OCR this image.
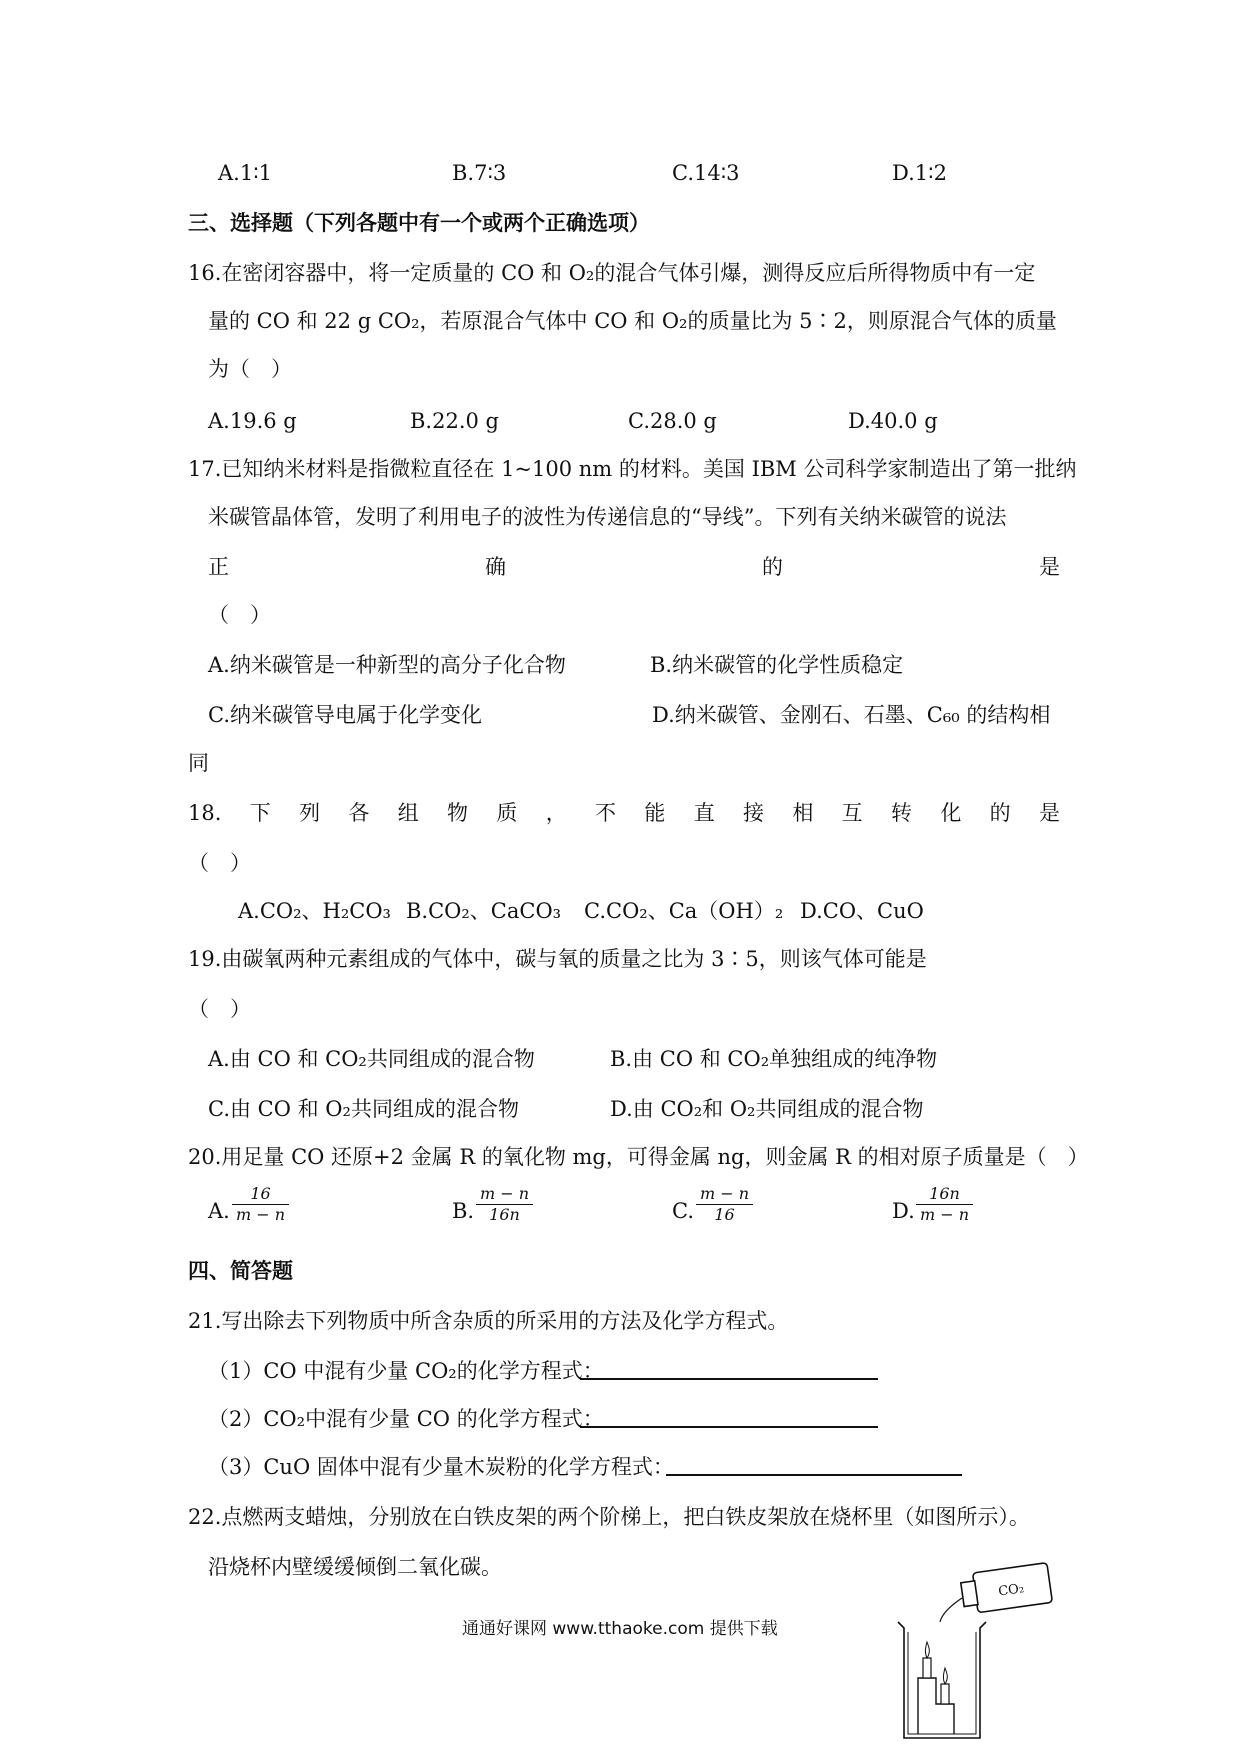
A.1∶1	B.7∶3	C.14∶3	D.1∶2
三、选择题（下列各题中有一个或两个正确选项）
16.在密闭容器中，将一定质量的 CO 和 O₂的混合气体引爆，测得反应后所得物质中有一定
量的 CO 和 22 g CO₂，若原混合气体中 CO 和 O₂的质量比为 5∶2，则原混合气体的质量
为（　）
A.19.6 g	B.22.0 g	C.28.0 g	D.40.0 g
17.已知纳米材料是指微粒直径在 1~100 nm 的材料。美国 IBM 公司科学家制造出了第一批纳
米碳管晶体管，发明了利用电子的波性为传递信息的“导线”。下列有关纳米碳管的说法
正	确	的	是
（　）
A.纳米碳管是一种新型的高分子化合物	B.纳米碳管的化学性质稳定
C.纳米碳管导电属于化学变化	D.纳米碳管、金刚石、石墨、C₆₀ 的结构相
同
18. 下 列 各 组 物 质 ， 不 能 直 接 相 互 转 化 的 是
（　）
A.CO₂、H₂CO₃ B.CO₂、CaCO₃ C.CO₂、Ca（OH）₂ D.CO、CuO
19.由碳氧两种元素组成的气体中，碳与氧的质量之比为 3∶5，则该气体可能是
（　）
A.由 CO 和 CO₂共同组成的混合物	B.由 CO 和 CO₂单独组成的纯净物
C.由 CO 和 O₂共同组成的混合物	D.由 CO₂和 O₂共同组成的混合物
20.用足量 CO 还原+2 金属 R 的氧化物 mg，可得金属 ng，则金属 R 的相对原子质量是（　）
A. $\frac{16}{m - n}$	B. $\frac{m - n}{16n}$	C. $\frac{m - n}{16}$	D. $\frac{16n}{m - n}$
四、简答题
21.写出除去下列物质中所含杂质的所采用的方法及化学方程式。
（1）CO 中混有少量 CO₂的化学方程式：
（2）CO₂中混有少量 CO 的化学方程式：
（3）CuO 固体中混有少量木炭粉的化学方程式：
22.点燃两支蜡烛，分别放在白铁皮架的两个阶梯上，把白铁皮架放在烧杯里（如图所示）。
沿烧杯内壁缓缓倾倒二氧化碳。
CO₂
通通好课网 www.tthaoke.com 提供下载
